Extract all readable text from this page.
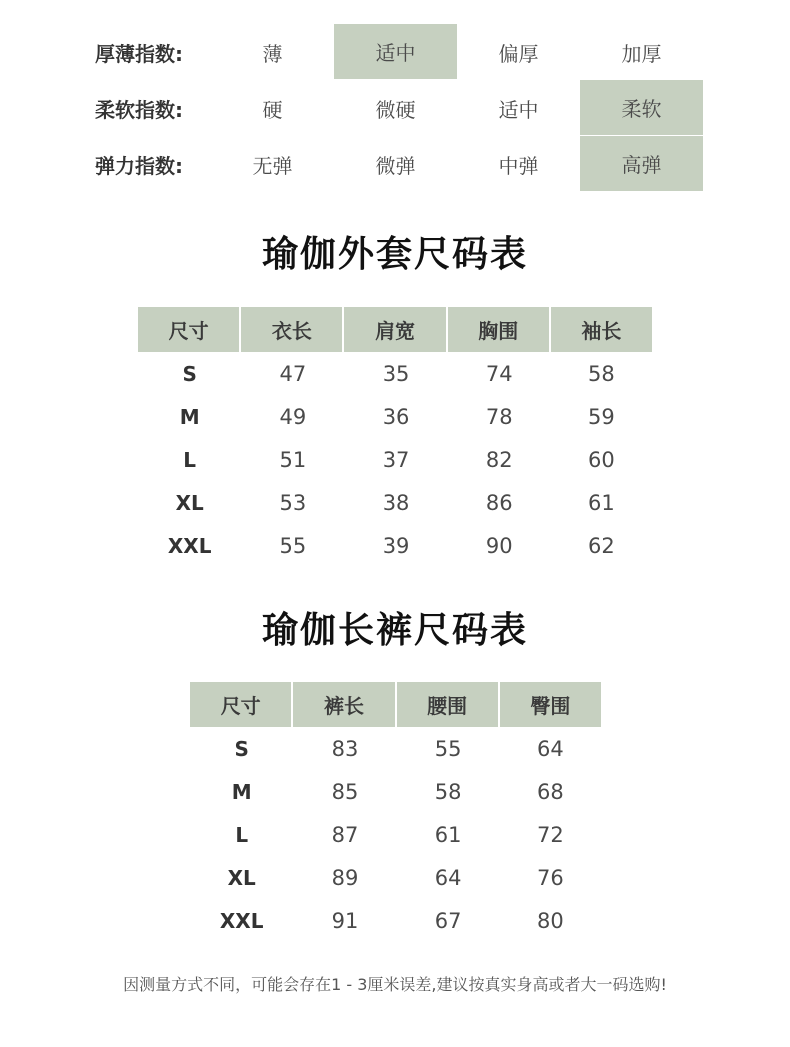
厚薄指数:	薄	适中	偏厚	加厚
柔软指数:	硬	微硬	适中	柔软
弹力指数:	无弹	微弹	中弹	高弹
瑜伽外套尺码表
尺寸	衣长	肩宽	胸围	袖长
S	47	35	74	58
M	49	36	78	59
L	51	37	82	60
XL	53	38	86	61
XXL	55	39	90	62
瑜伽长裤尺码表
尺寸	裤长	腰围	臀围
S	83	55	64
M	85	58	68
L	87	61	72
XL	89	64	76
XXL	91	67	80
因测量方式不同，可能会存在1 - 3厘米误差,建议按真实身高或者大一码选购!
